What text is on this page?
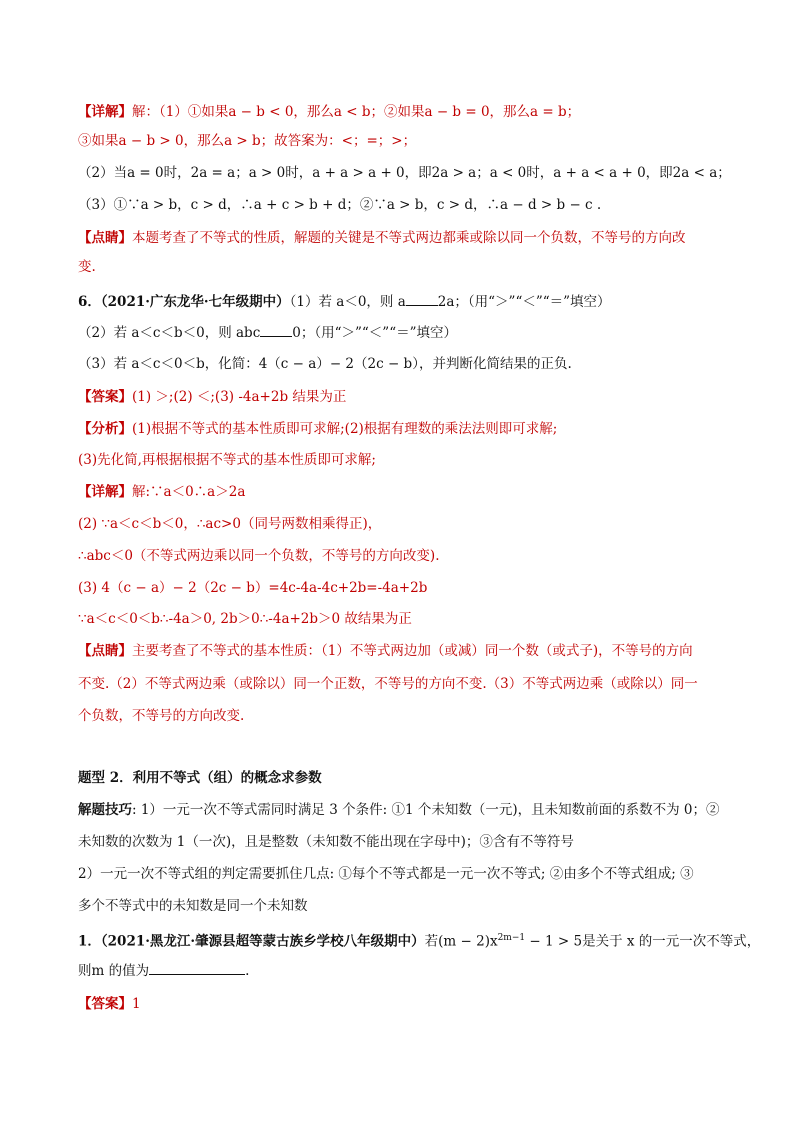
【详解】解：（1）①如果a − b < 0，那么a < b；②如果a − b = 0，那么a = b；
③如果a − b > 0，那么a > b；故答案为：<；=；>；
（2）当a = 0时，2a = a；a > 0时，a + a > a + 0，即2a > a；a < 0时，a + a < a + 0，即2a < a；
（3）①∵a > b，c > d，∴a + c > b + d；②∵a > b，c > d，∴a − d > b − c .
【点睛】本题考查了不等式的性质，解题的关键是不等式两边都乘或除以同一个负数，不等号的方向改
变.
6．（2021·广东龙华·七年级期中）（1）若 a＜0，则 a 2a；（用“＞”“＜”“＝”填空）
（2）若 a＜c＜b＜0，则 abc 0；（用“＞”“＜”“＝”填空）
（3）若 a＜c＜0＜b，化简：4（c − a）− 2（2c − b），并判断化简结果的正负.
【答案】(1) ＞;(2) ＜;(3) -4a+2b 结果为正
【分析】(1)根据不等式的基本性质即可求解;(2)根据有理数的乘法法则即可求解;
(3)先化简,再根据根据不等式的基本性质即可求解;
【详解】解:∵a＜0∴a＞2a
(2) ∵a＜c＜b＜0，∴ac>0（同号两数相乘得正)，
∴abc＜0（不等式两边乘以同一个负数，不等号的方向改变).
(3) 4（c − a）− 2（2c − b）=4c-4a-4c+2b=-4a+2b
∵a＜c＜0＜b∴-4a＞0, 2b＞0∴-4a+2b＞0 故结果为正
【点睛】主要考查了不等式的基本性质：（1）不等式两边加（或减）同一个数（或式子)，不等号的方向
不变.（2）不等式两边乘（或除以）同一个正数，不等号的方向不变.（3）不等式两边乘（或除以）同一
个负数，不等号的方向改变.
题型 2．利用不等式（组）的概念求参数
解题技巧: 1）一元一次不等式需同时满足 3 个条件: ①1 个未知数（一元)，且未知数前面的系数不为 0；②
未知数的次数为 1（一次)，且是整数（未知数不能出现在字母中)；③含有不等符号
2）一元一次不等式组的判定需要抓住几点: ①每个不等式都是一元一次不等式; ②由多个不等式组成; ③
多个不等式中的未知数是同一个未知数
1．（2021·黑龙江·肇源县超等蒙古族乡学校八年级期中）若$(m - 2)x^{2m-1} - 1 > 5$是关于 x 的一元一次不等式，
则m 的值为	.
【答案】1
